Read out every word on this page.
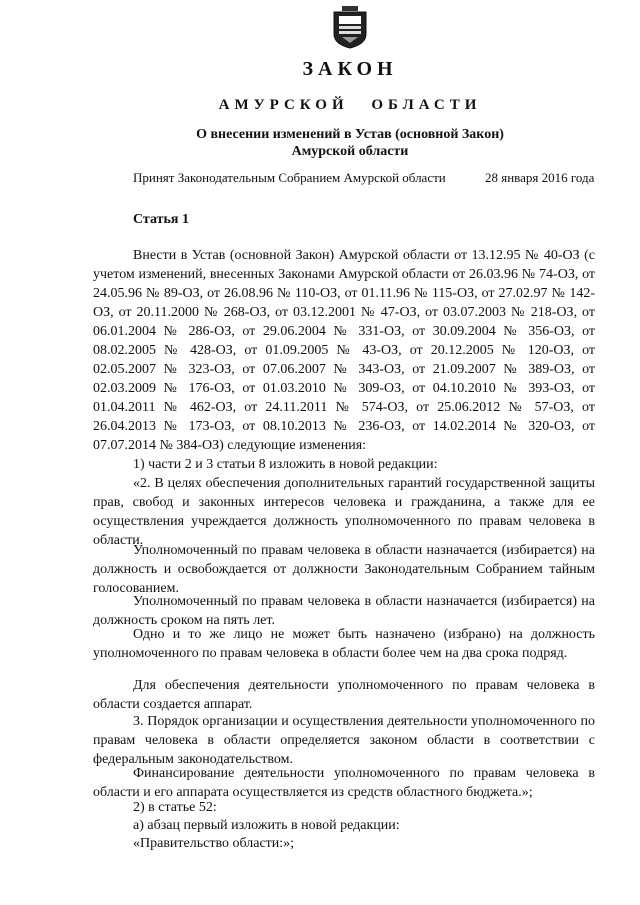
ЗАКОН
АМУРСКОЙ ОБЛАСТИ
О внесении изменений в Устав (основной Закон)
Амурской области
Принят Законодательным Собранием Амурской области	28 января 2016 года
Статья 1

Внести в Устав (основной Закон) Амурской области от 13.12.95 № 40-ОЗ (с учетом изменений, внесенных Законами Амурской области от 26.03.96 № 74-ОЗ, от 24.05.96 № 89-ОЗ, от 26.08.96 № 110-ОЗ, от 01.11.96 № 115-ОЗ, от 27.02.97 № 142-ОЗ, от 20.11.2000 № 268-ОЗ, от 03.12.2001 № 47-ОЗ, от 03.07.2003 № 218-ОЗ, от 06.01.2004 № 286-ОЗ, от 29.06.2004 № 331-ОЗ, от 30.09.2004 № 356-ОЗ, от 08.02.2005 № 428-ОЗ, от 01.09.2005 № 43-ОЗ, от 20.12.2005 № 120-ОЗ, от 02.05.2007 № 323-ОЗ, от 07.06.2007 № 343-ОЗ, от 21.09.2007 № 389-ОЗ, от 02.03.2009 № 176-ОЗ, от 01.03.2010 № 309-ОЗ, от 04.10.2010 № 393-ОЗ, от 01.04.2011 № 462-ОЗ, от 24.11.2011 № 574-ОЗ, от 25.06.2012 № 57-ОЗ, от 26.04.2013 № 173-ОЗ, от 08.10.2013 № 236-ОЗ, от 14.02.2014 № 320-ОЗ, от 07.07.2014 № 384-ОЗ) следующие изменения:

1) части 2 и 3 статьи 8 изложить в новой редакции:

«2. В целях обеспечения дополнительных гарантий государственной защиты прав, свобод и законных интересов человека и гражданина, а также для ее осуществления учреждается должность уполномоченного по правам человека в области.

Уполномоченный по правам человека в области назначается (избирается) на должность и освобождается от должности Законодательным Собранием тайным голосованием.

Уполномоченный по правам человека в области назначается (избирается) на должность сроком на пять лет.

Одно и то же лицо не может быть назначено (избрано) на должность уполномоченного по правам человека в области более чем на два срока подряд.

Для обеспечения деятельности уполномоченного по правам человека в области создается аппарат.

3. Порядок организации и осуществления деятельности уполномоченного по правам человека в области определяется законом области в соответствии с федеральным законодательством.

Финансирование деятельности уполномоченного по правам человека в области и его аппарата осуществляется из средств областного бюджета.»;

2) в статье 52:

а) абзац первый изложить в новой редакции:

«Правительство области:»;
